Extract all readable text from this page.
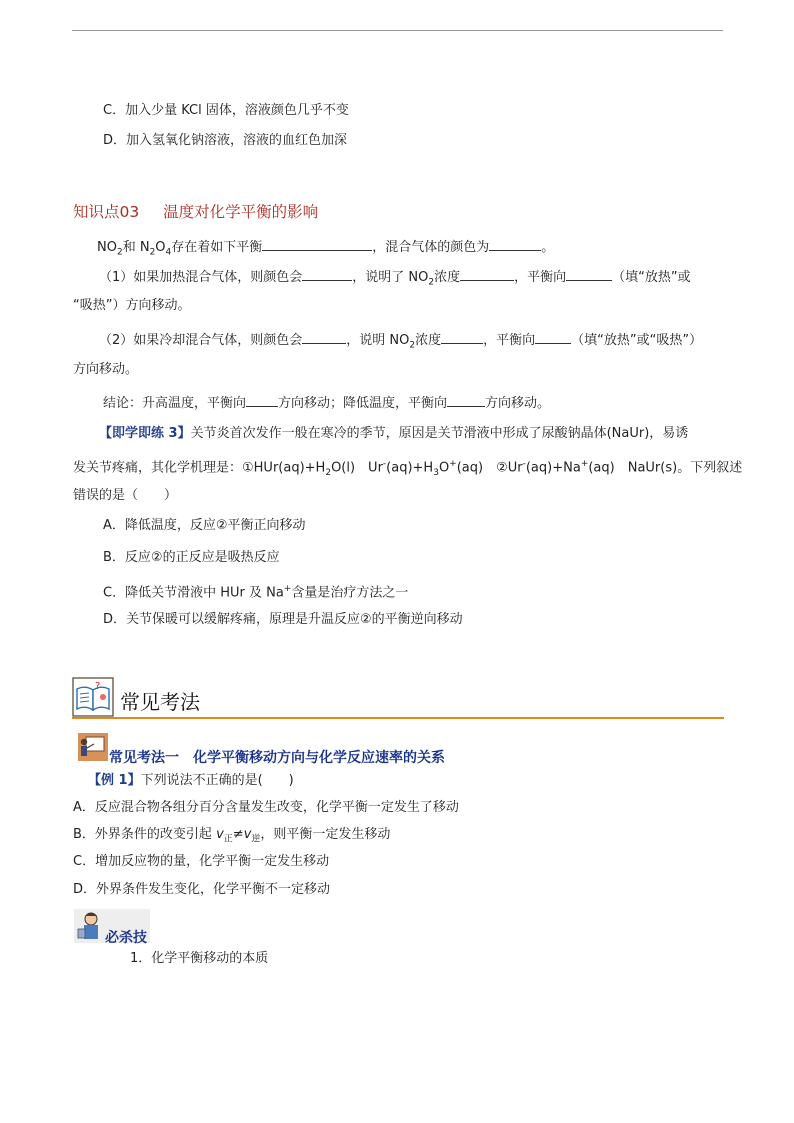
C．加入少量 KCl 固体，溶液颜色几乎不变
D．加入氢氧化钠溶液，溶液的血红色加深
知识点03 温度对化学平衡的影响
$NO_2$和 $N_2O_4$存在着如下平衡	，混合气体的颜色为	。
（1）如果加热混合气体，则颜色会	，说明了 $NO_2$浓度	，平衡向	（填“放热”或
“吸热”）方向移动。
（2）如果冷却混合气体，则颜色会	，说明 $NO_2$浓度	，平衡向	（填“放热”或“吸热”）
方向移动。
结论：升高温度，平衡向 方向移动；降低温度，平衡向	方向移动。
【即学即练 3】关节炎首次发作一般在寒冷的季节，原因是关节滑液中形成了尿酸钠晶体(NaUr)，易诱
发关节疼痛，其化学机理是：$①HUr(aq)+H_2O(l)$　$Ur^-(aq)+H_3O^+(aq)$　②Ur-(aq)+Na+(aq)　NaUr(s)。下列叙述
错误的是（　　）
A．降低温度，反应②平衡正向移动
B．反应②的正反应是吸热反应
C．降低关节滑液中 HUr 及 Na+含量是治疗方法之一
D．关节保暖可以缓解疼痛，原理是升温反应②的平衡逆向移动
?
常见考法
常见考法一　化学平衡移动方向与化学反应速率的关系
【例 1】下列说法不正确的是(　　)
A．反应混合物各组分百分含量发生改变，化学平衡一定发生了移动
B．外界条件的改变引起 $v_正\ne v_逆$，则平衡一定发生移动
C．增加反应物的量，化学平衡一定发生移动
D．外界条件发生变化，化学平衡不一定移动
必杀技
1．化学平衡移动的本质
